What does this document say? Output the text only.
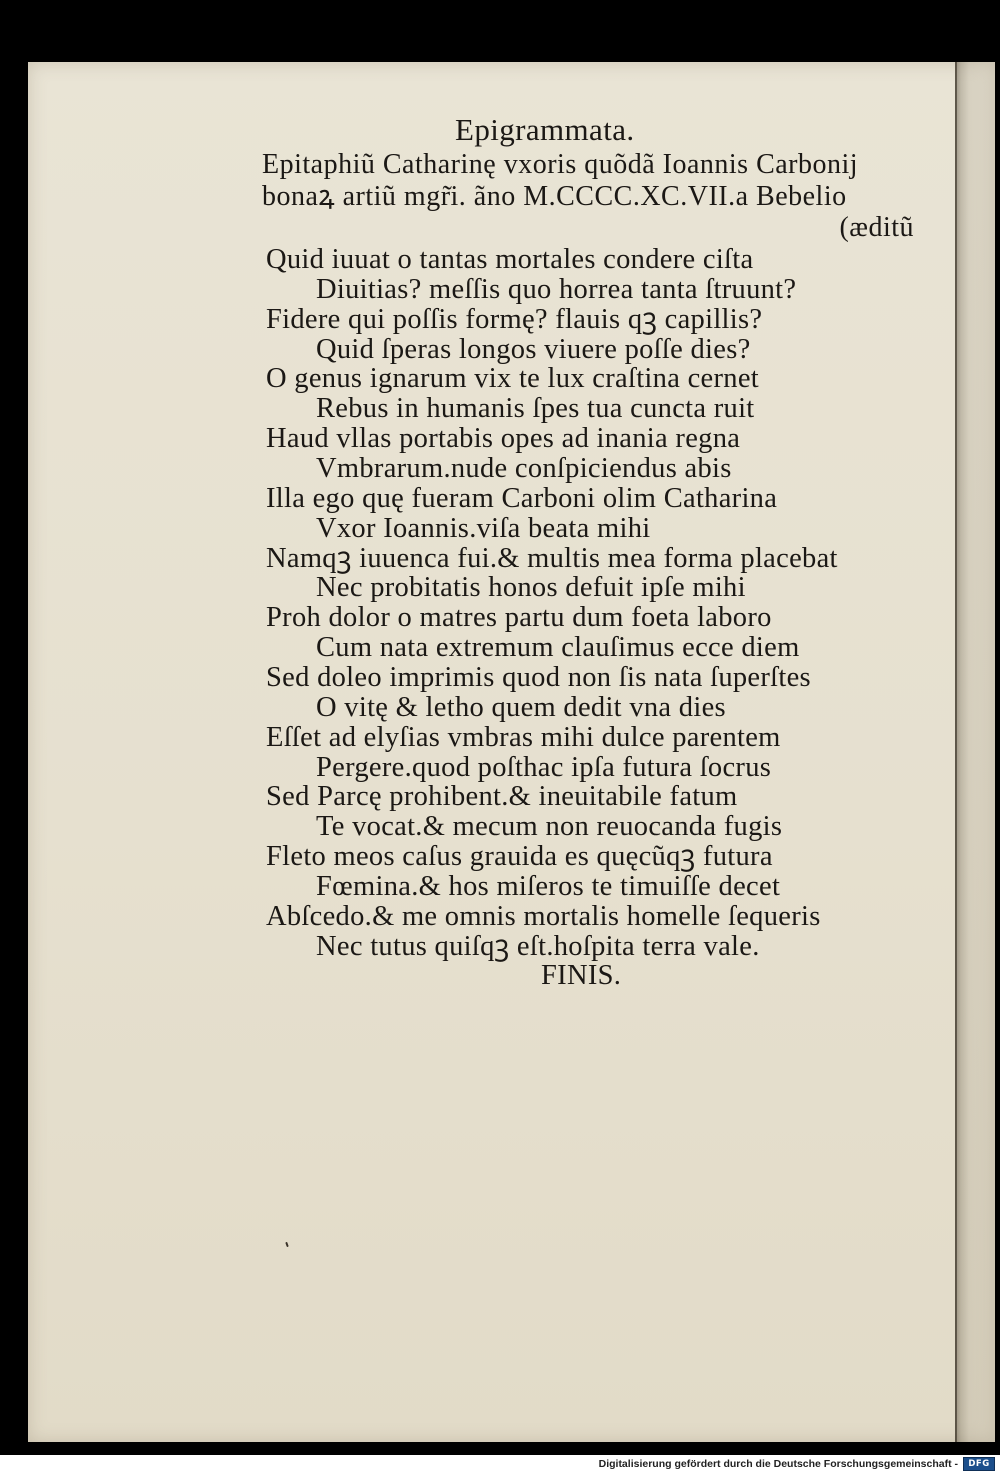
Epigrammata.
Epitaphiũ Catharinę vxoris quõdã Ioannis Carbonij
bonaꝝ artiũ mgr̃i. ãno M.CCCC.XC.VII.a Bebelio
(æditũ
Quid iuuat o tantas mortales condere ciſta
Diuitias? meſſis quo horrea tanta ſtruunt?
Fidere qui poſſis formę? flauis qꝫ capillis?
Quid ſperas longos viuere poſſe dies?
O genus ignarum vix te lux craſtina cernet
Rebus in humanis ſpes tua cuncta ruit
Haud vllas portabis opes ad inania regna
Vmbrarum.nude conſpiciendus abis
Illa ego quę fueram Carboni olim Catharina
Vxor Ioannis.viſa beata mihi
Namqꝫ iuuenca fui.& multis mea forma placebat
Nec probitatis honos defuit ipſe mihi
Proh dolor o matres partu dum foeta laboro
Cum nata extremum clauſimus ecce diem
Sed doleo imprimis quod non ſis nata ſuperſtes
O vitę & letho quem dedit vna dies
Eſſet ad elyſias vmbras mihi dulce parentem
Pergere.quod poſthac ipſa futura ſocrus
Sed Parcę prohibent.& ineuitabile fatum
Te vocat.& mecum non reuocanda fugis
Fleto meos caſus grauida es quęcũqꝫ futura
Fœmina.& hos miſeros te timuiſſe decet
Abſcedo.& me omnis mortalis homelle ſequeris
Nec tutus quiſqꝫ eſt.hoſpita terra vale.
FINIS.
Digitalisierung gefördert durch die Deutsche Forschungsgemeinschaft -	DFG
